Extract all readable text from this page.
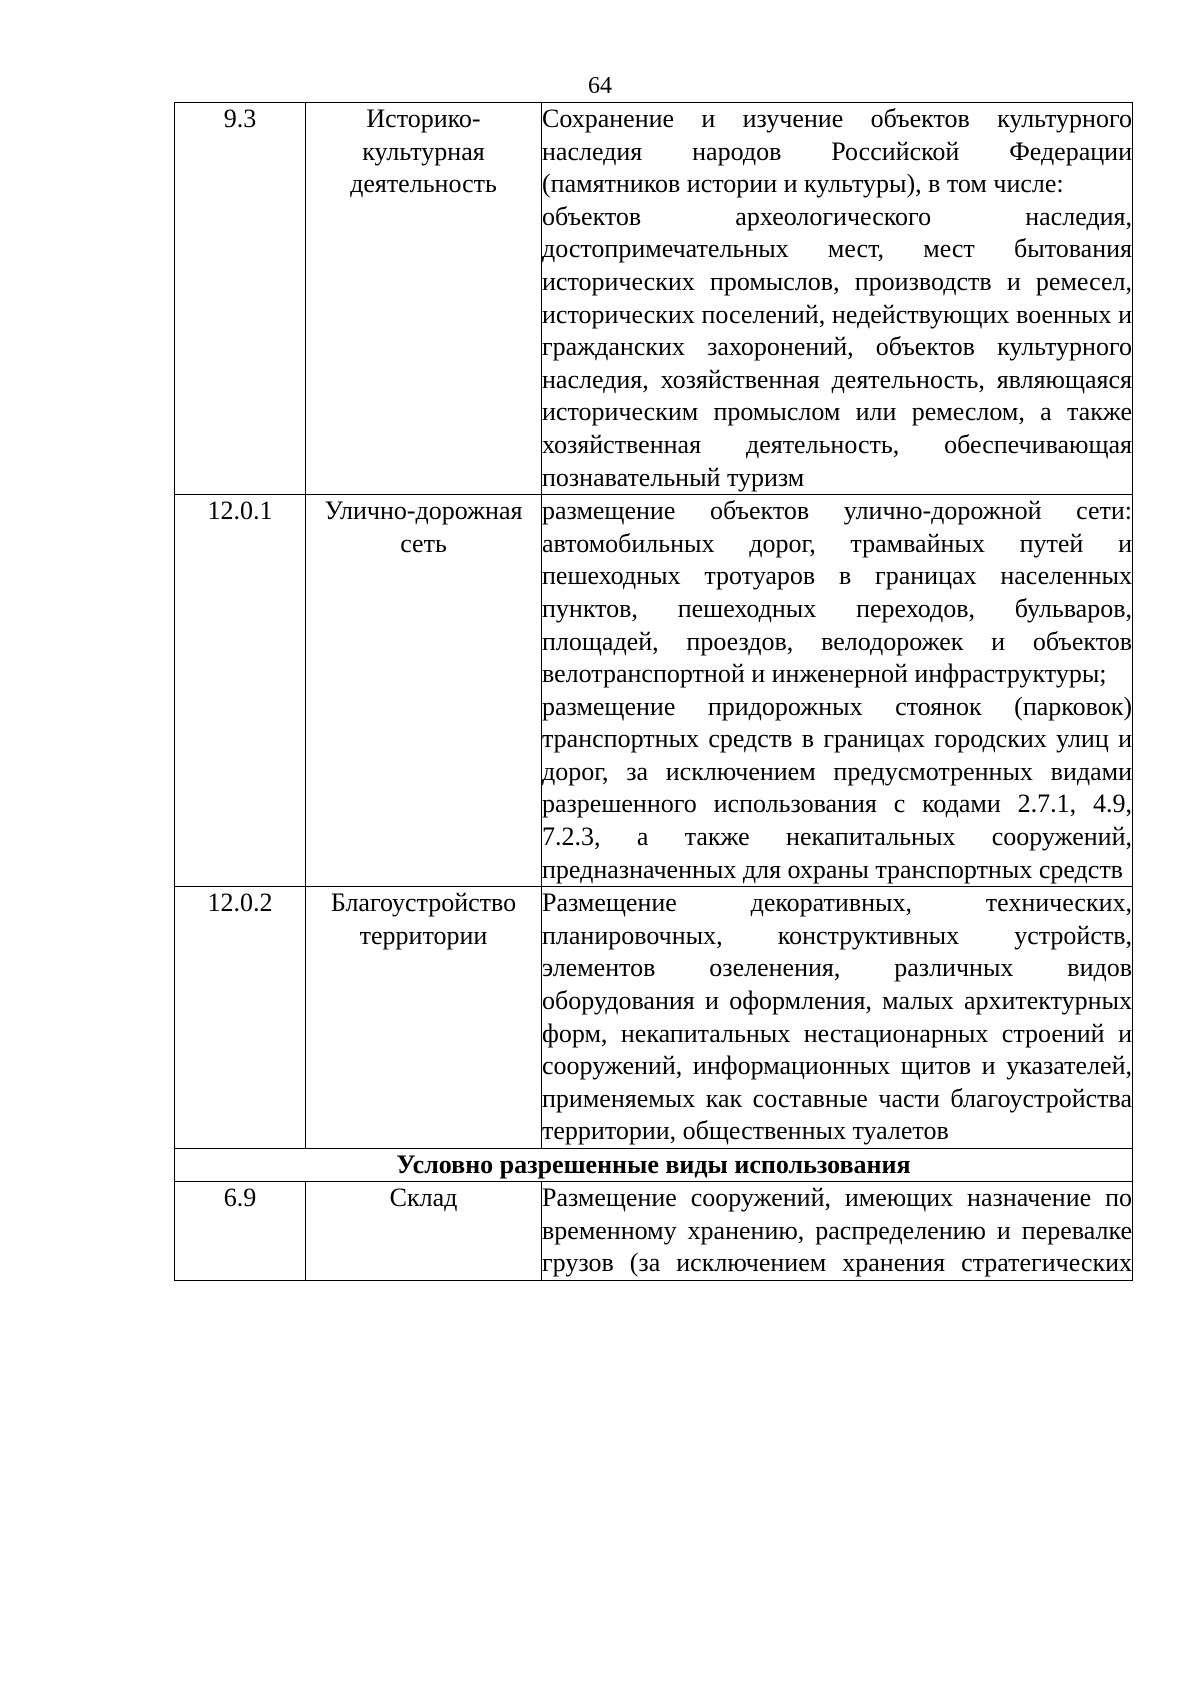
64
9.3	Историко-культурная деятельность	Сохранение и изучение объектов культурного наследия народов Российской Федерации (памятников истории и культуры), в том числе:

объектов археологического наследия, достопримечательных мест, мест бытования исторических промыслов, производств и ремесел, исторических поселений, недействующих военных и гражданских захоронений, объектов культурного наследия, хозяйственная деятельность, являющаяся историческим промыслом или ремеслом, а также хозяйственная деятельность, обеспечивающая познавательный туризм

12.0.1	Улично-дорожная сеть	размещение объектов улично-дорожной сети: автомобильных дорог, трамвайных путей и пешеходных тротуаров в границах населенных пунктов, пешеходных переходов, бульваров, площадей, проездов, велодорожек и объектов велотранспортной и инженерной инфраструктуры;

размещение придорожных стоянок (парковок) транспортных средств в границах городских улиц и дорог, за исключением предусмотренных видами разрешенного использования с кодами 2.7.1, 4.9, 7.2.3, а также некапитальных сооружений, предназначенных для охраны транспортных средств

12.0.2	Благоустройство территории	Размещение декоративных, технических, планировочных, конструктивных устройств, элементов озеленения, различных видов оборудования и оформления, малых архитектурных форм, некапитальных нестационарных строений и сооружений, информационных щитов и указателей, применяемых как составные части благоустройства территории, общественных туалетов

Условно разрешенные виды использования		
6.9	Склад	Размещение сооружений, имеющих назначение по временному хранению, распределению и перевалке грузов (за исключением хранения стратегических
